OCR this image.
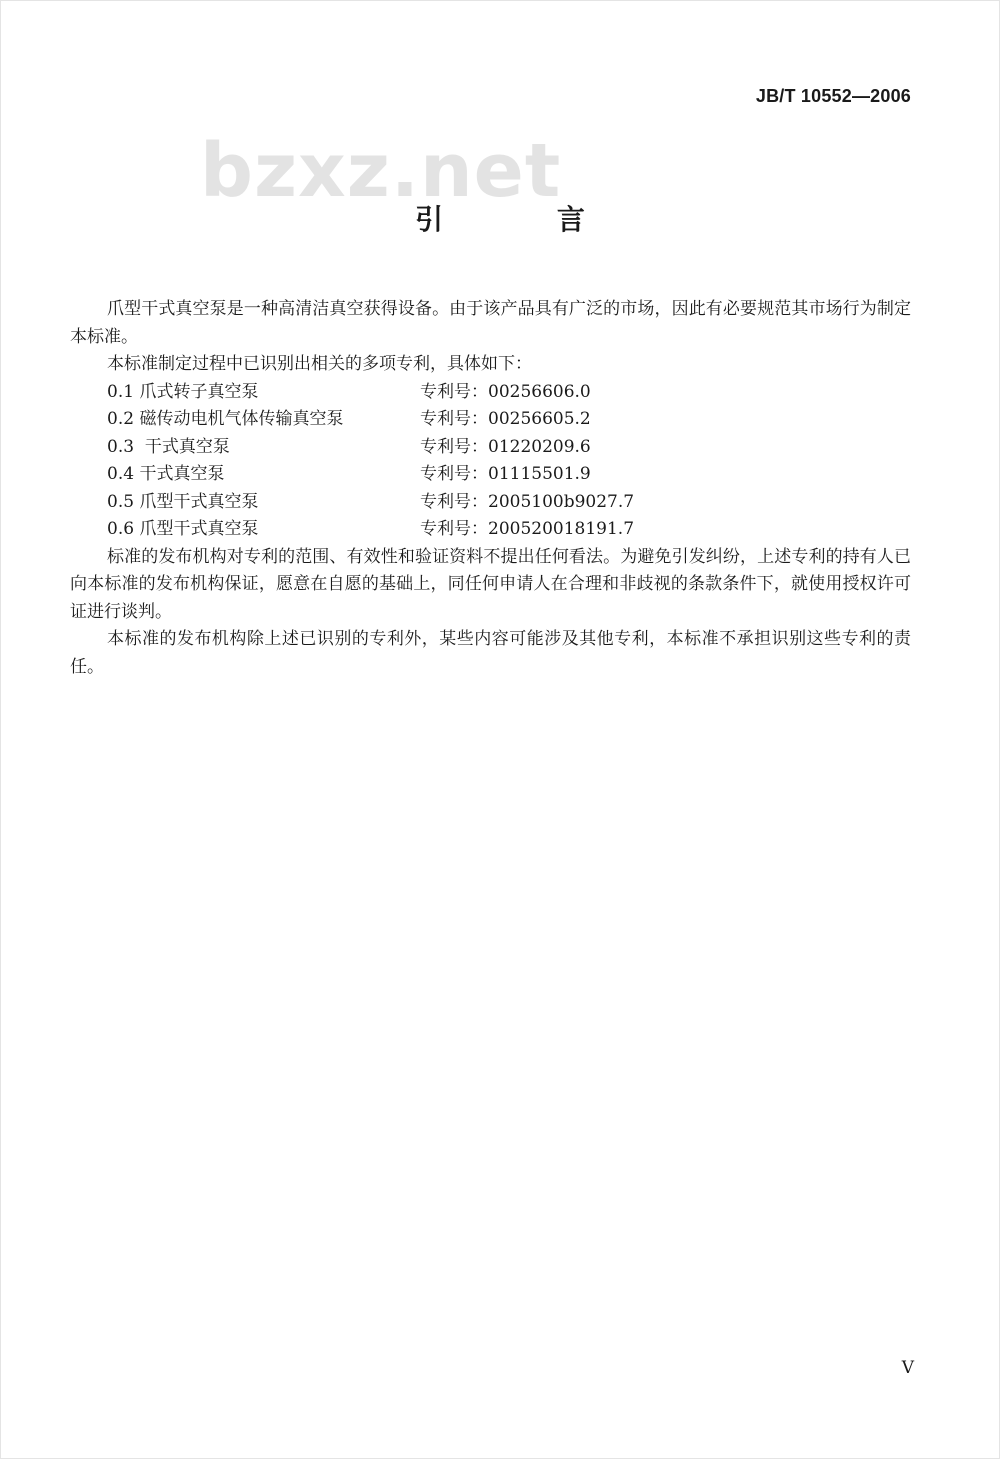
JB/T 10552—2006
bzxz.net
引 言

爪型干式真空泵是一种高清洁真空获得设备。由于该产品具有广泛的市场，因此有必要规范其市场行为制定本标准。

本标准制定过程中已识别出相关的多项专利，具体如下：

0.1 爪式转子真空泵	专利号：00256606.0
0.2 磁传动电机气体传输真空泵	专利号：00256605.2
0.3  干式真空泵	专利号：01220209.6
0.4 干式真空泵	专利号：01115501.9
0.5 爪型干式真空泵	专利号：2005100b9027.7
0.6 爪型干式真空泵	专利号：200520018191.7

标准的发布机构对专利的范围、有效性和验证资料不提出任何看法。为避免引发纠纷，上述专利的持有人已向本标准的发布机构保证，愿意在自愿的基础上，同任何申请人在合理和非歧视的条款条件下，就使用授权许可证进行谈判。

本标准的发布机构除上述已识别的专利外，某些内容可能涉及其他专利，本标准不承担识别这些专利的责任。

V
